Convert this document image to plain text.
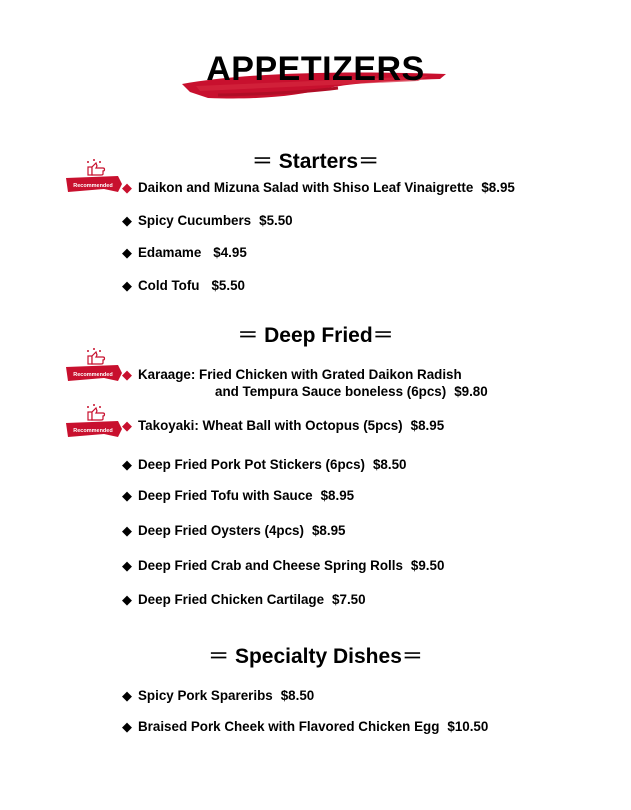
APPETIZERS
＝ Starters＝
＝ Deep Fried＝
＝ Specialty Dishes＝
Recommended
Recommended
Recommended
◆ Daikon and Mizuna Salad with Shiso Leaf Vinaigrette $8.95
◆ Spicy Cucumbers $5.50
◆ Edamame $4.95
◆ Cold Tofu $5.50
◆ Karaage: Fried Chicken with Grated Daikon Radish
and Tempura Sauce boneless (6pcs) $9.80
◆ Takoyaki: Wheat Ball with Octopus (5pcs) $8.95
◆ Deep Fried Pork Pot Stickers (6pcs) $8.50
◆ Deep Fried Tofu with Sauce $8.95
◆ Deep Fried Oysters (4pcs) $8.95
◆ Deep Fried Crab and Cheese Spring Rolls $9.50
◆ Deep Fried Chicken Cartilage $7.50
◆ Spicy Pork Spareribs $8.50
◆ Braised Pork Cheek with Flavored Chicken Egg $10.50
